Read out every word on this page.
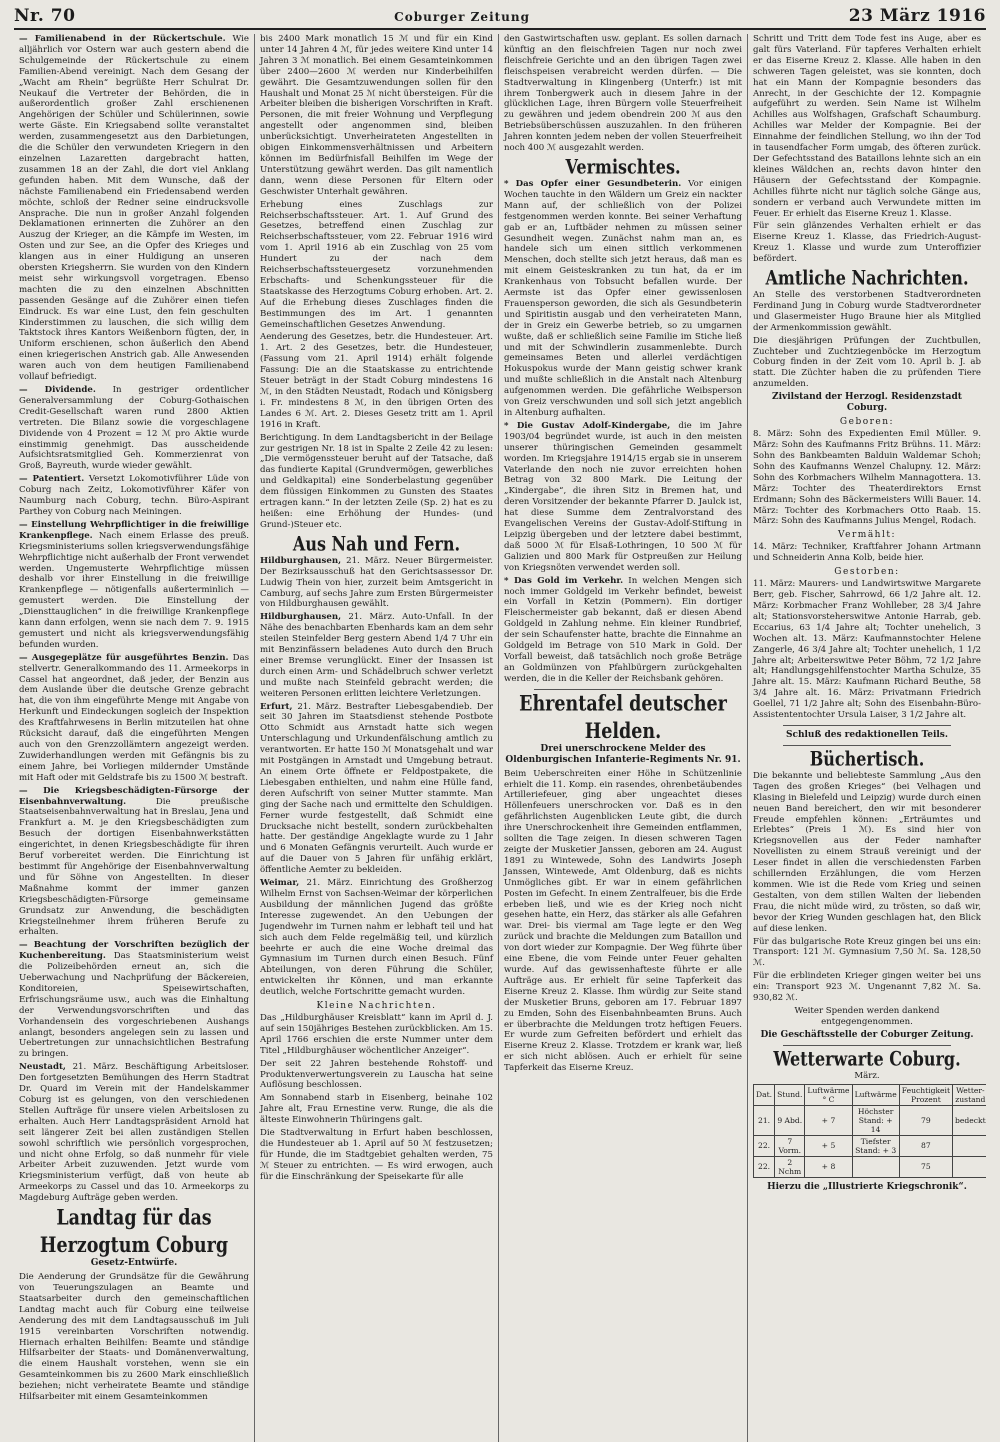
Nr. 70	Coburger Zeitung	23 März 1916

— Familienabend in der Rückertschule. Wie alljährlich vor Ostern war auch gestern abend die Schulgemeinde der Rückertschule zu einem Familien-Abend vereinigt. Nach dem Gesang der „Wacht am Rhein“ begrüßte Herr Schulrat Dr. Neukauf die Vertreter der Behörden, die in außerordentlich großer Zahl erschienenen Angehörigen der Schüler und Schülerinnen, sowie werte Gäste. Ein Kriegsabend sollte veranstaltet werden, zusammengesetzt aus den Darbietungen, die die Schüler den verwundeten Kriegern in den einzelnen Lazaretten dargebracht hatten, zusammen 18 an der Zahl, die dort viel Anklang gefunden haben. Mit dem Wunsche, daß der nächste Familienabend ein Friedensabend werden möchte, schloß der Redner seine eindrucksvolle Ansprache. Die nun in großer Anzahl folgenden Deklamationen erinnerten die Zuhörer an den Auszug der Krieger, an die Kämpfe im Westen, im Osten und zur See, an die Opfer des Krieges und klangen aus in einer Huldigung an unseren obersten Kriegsherrn. Sie wurden von den Kindern meist sehr wirkungsvoll vorgetragen. Ebenso machten die zu den einzelnen Abschnitten passenden Gesänge auf die Zuhörer einen tiefen Eindruck. Es war eine Lust, den fein geschulten Kinderstimmen zu lauschen, die sich willig dem Taktstock ihres Kantors Weißenborn fügten, der, in Uniform erschienen, schon äußerlich den Abend einen kriegerischen Anstrich gab. Alle Anwesenden waren auch von dem heutigen Familienabend vollauf befriedigt.

— Dividende. In gestriger ordentlicher Generalversammlung der Coburg-Gothaischen Credit-Gesellschaft waren rund 2800 Aktien vertreten. Die Bilanz sowie die vorgeschlagene Dividende von 4 Prozent = 12 ℳ pro Aktie wurde einstimmig genehmigt. Das ausscheidende Aufsichtsratsmitglied Geh. Kommerzienrat von Groß, Bayreuth, wurde wieder gewählt.

— Patentiert. Versetzt Lokomotivführer Lüde von Coburg nach Zeitz, Lokomotivführer Käfer von Naumburg nach Coburg, techn. Büro-Aspirant Parthey von Coburg nach Meiningen.

— Einstellung Wehrpflichtiger in die freiwillige Krankenpflege. Nach einem Erlasse des preuß. Kriegsministeriums sollen kriegsverwendungsfähige Wehrpflichtige nicht außerhalb der Front verwendet werden. Ungemusterte Wehrpflichtige müssen deshalb vor ihrer Einstellung in die freiwillige Krankenpflege — nötigenfalls außerterminlich — gemustert werden. Die Einstellung der „Diensttauglichen“ in die freiwillige Krankenpflege kann dann erfolgen, wenn sie nach dem 7. 9. 1915 gemustert und nicht als kriegsverwendungsfähig befunden wurden.

— Ausgegeplätze für ausgeführtes Benzin. Das stellvertr. Generalkommando des 11. Armeekorps in Cassel hat angeordnet, daß jeder, der Benzin aus dem Auslande über die deutsche Grenze gebracht hat, die von ihm eingeführte Menge mit Angabe von Herkunft und Eindeckungen sogleich der Inspektion des Kraftfahrwesens in Berlin mitzuteilen hat ohne Rücksicht darauf, daß die eingeführten Mengen auch von den Grenzzollämtern angezeigt werden. Zuwiderhandlungen werden mit Gefängnis bis zu einem Jahre, bei Vorliegen mildernder Umstände mit Haft oder mit Geldstrafe bis zu 1500 ℳ bestraft.

— Die Kriegsbeschädigten-Fürsorge der Eisenbahnverwaltung.	Die preußische Staatseisenbahnverwaltung hat in Breslau, Jena und Frankfurt a. M. je den Kriegsbeschädigten zum Besuch der dortigen Eisenbahnwerkstätten eingerichtet, in denen Kriegsbeschädigte für ihren Beruf vorbereitet werden. Die Einrichtung ist bestimmt für Angehörige der Eisenbahnverwaltung und für Söhne von Angestellten. In dieser Maßnahme kommt der immer ganzen Kriegsbeschädigten-Fürsorge gemeinsame Grundsatz zur Anwendung, die beschädigten Kriegsteilnehmer ihrem früheren Berufe zu erhalten.

— Beachtung der Vorschriften bezüglich der Kuchenbereitung. Das Staatsministerium weist die Polizeibehörden erneut an, sich die Ueberwachung und Nachprüfung der Bäckereien, Konditoreien, Speisewirtschaften, Erfrischungsräume usw., auch was die Einhaltung der Verwendungsvorschriften und das Vorhandensein des vorgeschriebenen Aushangs anlangt, besonders angelegen sein zu lassen und Uebertretungen zur unnachsichtlichen Bestrafung zu bringen.

Neustadt, 21. März. Beschäftigung Arbeitsloser. Den fortgesetzten Bemühungen des Herrn Stadtrat Dr. Quard im Verein mit der Handelskammer Coburg ist es gelungen, von den verschiedenen Stellen Aufträge für unsere vielen Arbeitslosen zu erhalten. Auch Herr Landtagspräsident Arnold hat seit längerer Zeit bei allen zuständigen Stellen sowohl schriftlich wie persönlich vorgesprochen, und nicht ohne Erfolg, so daß nunmehr für viele Arbeiter Arbeit zuzuwenden. Jetzt wurde vom Kriegsministerium verfügt, daß von heute ab Armeekorps zu Cassel und das 10. Armeekorps zu Magdeburg Aufträge geben werden.

Landtag für das Herzogtum Coburg
Gesetz-Entwürfe.

Die Aenderung der Grundsätze für die Gewährung von Teuerungszulagen an Beamte und Staatsarbeiter durch den gemeinschaftlichen Landtag macht auch für Coburg eine teilweise Aenderung des mit dem Landtagsausschuß im Juli 1915 vereinbarten Vorschriften notwendig. Hiernach erhalten Beihilfen: Beamte und ständige Hilfsarbeiter der Staats- und Domänenverwaltung, die einem Haushalt vorstehen, wenn sie ein Gesamteinkommen bis zu 2600 Mark einschließlich beziehen; nicht verheiratete Beamte und ständige Hilfsarbeiter mit einem Gesamteinkommen

bis 2400 Mark monatlich 15 ℳ und für ein Kind unter 14 Jahren 4 ℳ, für jedes weitere Kind unter 14 Jahren 3 ℳ monatlich. Bei einem Gesamteinkommen über 2400—2600 ℳ werden nur Kinderbeihilfen gewährt. Die Gesamtzuwendungen sollen für den Haushalt und Monat 25 ℳ nicht übersteigen. Für die Arbeiter bleiben die bisherigen Vorschriften in Kraft. Personen, die mit freier Wohnung und Verpflegung angestellt oder angenommen sind, bleiben unberücksichtigt. Unverheirateten Angestellten in obigen Einkommensverhältnissen und Arbeitern können im Bedürfnisfall Beihilfen im Wege der Unterstützung gewährt werden. Das gilt namentlich dann, wenn diese Personen für Eltern oder Geschwister Unterhalt gewähren.

Erhebung eines Zuschlags zur Reichserbschaftssteuer. Art. 1. Auf Grund des Gesetzes, betreffend einen Zuschlag zur Reichserbschaftssteuer, vom 22. Februar 1916 wird vom 1. April 1916 ab ein Zuschlag von 25 vom Hundert zu der nach dem Reichserbschaftssteuergesetz vorzunehmenden Erbschafts- und Schenkungssteuer für die Staatskasse des Herzogtums Coburg erhoben. Art. 2. Auf die Erhebung dieses Zuschlages finden die Bestimmungen des im Art. 1 genannten Gemeinschaftlichen Gesetzes Anwendung.

Aenderung des Gesetzes, betr. die Hundesteuer. Art. 1. Art. 2 des Gesetzes, betr. die Hundesteuer, (Fassung vom 21. April 1914) erhält folgende Fassung: Die an die Staatskasse zu entrichtende Steuer beträgt in der Stadt Coburg mindestens 16 ℳ, in den Städten Neustadt, Rodach und Königsberg i. Fr. mindestens 8 ℳ, in den übrigen Orten des Landes 6 ℳ. Art. 2. Dieses Gesetz tritt am 1. April 1916 in Kraft.

Berichtigung. In dem Landtagsbericht in der Beilage zur gestrigen Nr. 18 ist in Spalte 2 Zeile 42 zu lesen: „Die vermögenssteuer beruht auf der Tatsache, daß das fundierte Kapital (Grundvermögen, gewerbliches und Geldkapital) eine Sonderbelastung gegenüber dem flüssigen Einkommen zu Gunsten des Staates ertragen kann.“ In der letzten Zeile (Sp. 2) hat es zu heißen: eine Erhöhung der Hundes- (und Grund-)Steuer etc.

Aus Nah und Fern.

Hildburghausen, 21. März. Neuer Bürgermeister. Der Bezirksausschuß hat den Gerichtsassessor Dr. Ludwig Thein von hier, zurzeit beim Amtsgericht in Camburg, auf sechs Jahre zum Ersten Bürgermeister von Hildburghausen gewählt.

Hildburghausen, 21. März. Auto-Unfall. In der Nähe des benachbarten Ebenhards kam an dem sehr steilen Steinfelder Berg gestern Abend 1/4 7 Uhr ein mit Benzinfässern beladenes Auto durch den Bruch einer Bremse verunglückt. Einer der Insassen ist durch einen Arm- und Schädelbruch schwer verletzt und mußte nach Steinfeld gebracht werden; die weiteren Personen erlitten leichtere Verletzungen.

Erfurt, 21. März. Bestrafter Liebesgabendieb. Der seit 30 Jahren im Staatsdienst stehende Postbote Otto Schmidt aus Arnstadt hatte sich wegen Unterschlagung und Urkundenfälschung amtlich zu verantworten. Er hatte 150 ℳ Monatsgehalt und war mit Postgängen in Arnstadt und Umgebung betraut. An einem Orte öffnete er Feldpostpakete, die Liebesgaben enthielten, und nahm eine Hülle fand, deren Aufschrift von seiner Mutter stammte. Man ging der Sache nach und ermittelte den Schuldigen. Ferner wurde festgestellt, daß Schmidt eine Drucksache nicht bestellt, sondern zurückbehalten hatte. Der geständige Angeklagte wurde zu 1 Jahr und 6 Monaten Gefängnis verurteilt. Auch wurde er auf die Dauer von 5 Jahren für unfähig erklärt, öffentliche Aemter zu bekleiden.

Weimar, 21. März. Einrichtung des Großherzog Wilhelm Ernst von Sachsen-Weimar der körperlichen Ausbildung der männlichen Jugend das größte Interesse zugewendet. An den Uebungen der Jugendwehr im Turnen nahm er lebhaft teil und hat sich auch dem Felde regelmäßig teil, und kürzlich beehrte er auch die eine Woche dreimal das Gymnasium im Turnen durch einen Besuch. Fünf Abteilungen, von deren Führung die Schüler, entwickelten ihr Können, und man erkannte deutlich, welche Fortschritte gemacht wurden.

Kleine Nachrichten.

Das „Hildburghäuser Kreisblatt“ kann im April d. J. auf sein 150jähriges Bestehen zurückblicken. Am 15. April 1766 erschien die erste Nummer unter dem Titel „Hildburghäuser wöchentlicher Anzeiger“.

Der seit 22 Jahren bestehende Rohstoff- und Produktenverwertungsverein zu Lauscha hat seine Auflösung beschlossen.

Am Sonnabend starb in Eisenberg, beinahe 102 Jahre alt, Frau Ernestine verw. Runge, die als die älteste Einwohnerin Thüringens galt.

Die Stadtverwaltung in Erfurt haben beschlossen, die Hundesteuer ab 1. April auf 50 ℳ festzusetzen; für Hunde, die im Stadtgebiet gehalten werden, 75 ℳ Steuer zu entrichten. — Es wird erwogen, auch für die Einschränkung der Speisekarte für alle

den Gastwirtschaften usw. geplant. Es sollen darnach künftig an den fleischfreien Tagen nur noch zwei fleischfreie Gerichte und an den übrigen Tagen zwei fleischspeisen verabreicht werden dürfen. — Die Stadtverwaltung in Klingenberg (Unterfr.) ist mit ihrem Tonbergwerk auch in diesem Jahre in der glücklichen Lage, ihren Bürgern volle Steuerfreiheit zu gewähren und jedem obendrein 200 ℳ aus den Betriebsüberschüssen auszuzahlen. In den früheren Jahren konnten jedem neben der vollen Steuerfreiheit noch 400 ℳ ausgezahlt werden.

Vermischtes.

* Das Opfer einer Gesundbeterin. Vor einigen Wochen tauchte in den Wäldern um Greiz ein nackter Mann auf, der schließlich von der Polizei festgenommen werden konnte. Bei seiner Verhaftung gab er an, Luftbäder nehmen zu müssen seiner Gesundheit wegen. Zunächst nahm man an, es handele sich um einen sittlich verkommenen Menschen, doch stellte sich jetzt heraus, daß man es mit einem Geisteskranken zu tun hat, da er im Krankenhaus von Tobsucht befallen wurde. Der Aermste ist das Opfer einer gewissenlosen Frauensperson geworden, die sich als Gesundbeterin und Spiritistin ausgab und den verheirateten Mann, der in Greiz ein Gewerbe betrieb, so zu umgarnen wußte, daß er schließlich seine Familie im Stiche ließ und mit der Schwindlerin zusammenlebte. Durch gemeinsames Beten und allerlei verdächtigen Hokuspokus wurde der Mann geistig schwer krank und mußte schließlich in die Anstalt nach Altenburg aufgenommen werden. Die gefährliche Weibsperson von Greiz verschwunden und soll sich jetzt angeblich in Altenburg aufhalten.

* Die Gustav Adolf-Kindergabe, die im Jahre 1903/04 begründet wurde, ist auch in den meisten unserer thüringischen Gemeinden gesammelt worden. Im Kriegsjahre 1914/15 ergab sie in unserem Vaterlande den noch nie zuvor erreichten hohen Betrag von 32 800 Mark. Die Leitung der „Kindergabe“, die ihren Sitz in Bremen hat, und deren Vorsitzender der bekannte Pfarrer D. Jaulck ist, hat diese Summe dem Zentralvorstand des Evangelischen Vereins der Gustav-Adolf-Stiftung in Leipzig übergeben und der letztere dabei bestimmt, daß 5000 ℳ für Elsaß-Lothringen, 10 500 ℳ für Galizien und 800 Mark für Ostpreußen zur Heilung von Kriegsnöten verwendet werden soll.

* Das Gold im Verkehr. In welchen Mengen sich noch immer Goldgeld im Verkehr befindet, beweist ein Vorfall in Ketzin (Pommern). Ein dortiger Fleischermeister gab bekannt, daß er diesen Abend Goldgeld in Zahlung nehme. Ein kleiner Rundbrief, der sein Schaufenster hatte, brachte die Einnahme an Goldgeld im Betrage von 510 Mark in Gold. Der Vorfall beweist, daß tatsächlich noch große Beträge an Goldmünzen von Pfahlbürgern zurückgehalten werden, die in die Keller der Reichsbank gehören.

Ehrentafel deutscher Helden.
Drei unerschrockene Melder des Oldenburgischen Infanterie-Regiments Nr. 91.

Beim Ueberschreiten einer Höhe in Schützenlinie erhielt die 11. Komp. ein rasendes, ohrenbetäubendes Artilleriefeuer, ging aber ungeachtet dieses Höllenfeuers unerschrocken vor. Daß es in den gefährlichsten Augenblicken Leute gibt, die durch ihre Unerschrockenheit ihre Gemeinden entflammen, sollten die Tage zeigen. In diesen schweren Tagen zeigte der Musketier Janssen, geboren am 24. August 1891 zu Wintewede, Sohn des Landwirts Joseph Janssen, Wintewede, Amt Oldenburg, daß es nichts Unmögliches gibt. Er war in einem gefährlichen Posten im Gefecht. In einem Zentralfeuer, bis die Erde erbeben ließ, und wie es der Krieg noch nicht gesehen hatte, ein Herz, das stärker als alle Gefahren war. Drei- bis viermal am Tage legte er den Weg zurück und brachte die Meldungen zum Bataillon und von dort wieder zur Kompagnie. Der Weg führte über eine Ebene, die vom Feinde unter Feuer gehalten wurde. Auf das gewissenhafteste führte er alle Aufträge aus. Er erhielt für seine Tapferkeit das Eiserne Kreuz 2. Klasse. Ihm würdig zur Seite stand der Musketier Bruns, geboren am 17. Februar 1897 zu Emden, Sohn des Eisenbahnbeamten Bruns. Auch er überbrachte die Meldungen trotz heftigen Feuers. Er wurde zum Gefreiten befördert und erhielt das Eiserne Kreuz 2. Klasse. Trotzdem er krank war, ließ er sich nicht ablösen. Auch er erhielt für seine Tapferkeit das Eiserne Kreuz.

Schritt und Tritt dem Tode fest ins Auge, aber es galt fürs Vaterland. Für tapferes Verhalten erhielt er das Eiserne Kreuz 2. Klasse. Alle haben in den schweren Tagen geleistet, was sie konnten, doch hat ein Mann der Kompagnie besonders das Anrecht, in der Geschichte der 12. Kompagnie aufgeführt zu werden. Sein Name ist Wilhelm Achilles aus Wolfshagen, Grafschaft Schaumburg. Achilles war Melder der Kompagnie. Bei der Einnahme der feindlichen Stellung, wo ihn der Tod in tausendfacher Form umgab, des öfteren zurück. Der Gefechtsstand des Bataillons lehnte sich an ein kleines Wäldchen an, rechts davon hinter den Häusern der Gefechtsstand der Kompagnie. Achilles führte nicht nur täglich solche Gänge aus, sondern er verband auch Verwundete mitten im Feuer. Er erhielt das Eiserne Kreuz 1. Klasse.

Für sein glänzendes Verhalten erhielt er das Eiserne Kreuz 1. Klasse, das Friedrich-August-Kreuz 1. Klasse und wurde zum Unteroffizier befördert.

Amtliche Nachrichten.

An Stelle des verstorbenen Stadtverordneten Ferdinand Jung in Coburg wurde Stadtverordneter und Glasermeister Hugo Braune hier als Mitglied der Armenkommission gewählt.

Die diesjährigen Prüfungen der Zuchtbullen, Zuchteber und Zuchtziegenböcke im Herzogtum Coburg finden in der Zeit vom 10. April b. J. ab statt. Die Züchter haben die zu prüfenden Tiere anzumelden.

Zivilstand der Herzogl. Residenzstadt Coburg.
Geboren:

8. März: Sohn des Expedienten Emil Müller. 9. März: Sohn des Kaufmanns Fritz Brühns. 11. März: Sohn des Bankbeamten Balduin Waldemar Schoh; Sohn des Kaufmanns Wenzel Chalupny. 12. März: Sohn des Korbmachers Wilhelm Mannagottera. 13. März: Tochter des Theaterdirektors Ernst Erdmann; Sohn des Bäckermeisters Willi Bauer. 14. März: Tochter des Korbmachers Otto Raab. 15. März: Sohn des Kaufmanns Julius Mengel, Rodach.

Vermählt:

14. März: Techniker, Kraftfahrer Johann Artmann und Schneiderin Anna Kolb, beide hier.

Gestorben:

11. März: Maurers- und Landwirtswitwe Margarete Berr, geb. Fischer, Sahrrowd, 66 1/2 Jahre alt. 12. März: Korbmacher Franz Wohlleber, 28 3/4 Jahre alt; Stationsvorsteherswitwe Antonie Harrab, geb. Eccarius, 63 1/4 Jahre alt; Tochter unehelich, 3 Wochen alt. 13. März: Kaufmannstochter Helene Zangerle, 46 3/4 Jahre alt; Tochter unehelich, 1 1/2 Jahre alt; Arbeiterswitwe Peter Böhm, 72 1/2 Jahre alt; Handlungsgehilfenstochter Martha Schulze, 35 Jahre alt. 15. März: Kaufmann Richard Beuthe, 58 3/4 Jahre alt. 16. März: Privatmann Friedrich Goellel, 71 1/2 Jahre alt; Sohn des Eisenbahn-Büro-Assistententochter Ursula Laiser, 3 1/2 Jahre alt.

Schluß des redaktionellen Teils.
Büchertisch.

Die bekannte und beliebteste Sammlung „Aus den Tagen des großen Krieges“ (bei Velhagen und Klasing in Bielefeld und Leipzig) wurde durch einen neuen Band bereichert, den wir mit besonderer Freude empfehlen können: „Erträumtes und Erlebtes“ (Preis 1 ℳ). Es sind hier von Kriegsnovellen aus der Feder namhafter Novellisten zu einem Strauß vereinigt und der Leser findet in allen die verschiedensten Farben schillernden Erzählungen, die vom Herzen kommen. Wie ist die Rede vom Krieg und seinen Gestalten, von dem stillen Walten der liebenden Frau, die nicht müde wird, zu trösten, so daß wir, bevor der Krieg Wunden geschlagen hat, den Blick auf diese lenken.

Für das bulgarische Rote Kreuz gingen bei uns ein: Transport: 121 ℳ. Gymnasium 7,50 ℳ. Sa. 128,50 ℳ.

Für die erblindeten Krieger gingen weiter bei uns ein: Transport 923 ℳ. Ungenannt 7,82 ℳ. Sa. 930,82 ℳ.

Weiter Spenden werden dankend entgegengenommen.

Die Geschäftsstelle der Coburger Zeitung.
Wetterwarte Coburg.
März.
Dat.	Stund.	Luftwärme ° C	Luftwärme	Feuchtigkeit Prozent	Wetter-zustand
21.	9 Abd.	+ 7	Höchster Stand: + 14	79	bedeckt
22.	7 Vorm.	+ 5	Tiefster Stand: + 3	87	
22.	2 Nchm	+ 8		75	
Hierzu die „Illustrierte Kriegschronik“.
